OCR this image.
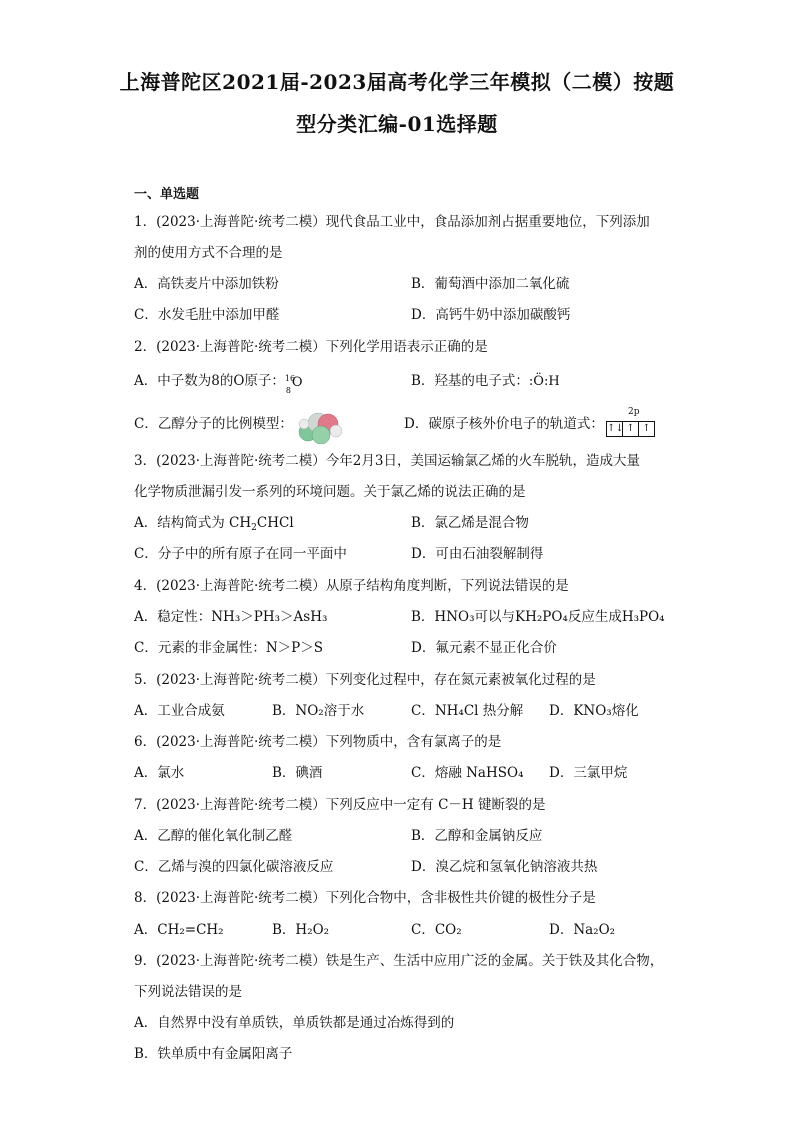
上海普陀区2021届-2023届高考化学三年模拟（二模）按题
型分类汇编-01选择题
一、单选题
1．(2023·上海普陀·统考二模）现代食品工业中，食品添加剂占据重要地位，下列添加
剂的使用方式不合理的是
A．高铁麦片中添加铁粉	B．葡萄酒中添加二氧化硫
C．水发毛肚中添加甲醛	D．高钙牛奶中添加碳酸钙
2．(2023·上海普陀·统考二模）下列化学用语表示正确的是
A．中子数为8的O原子： 16
8
O	B．羟基的电子式：:Ö:H
C．乙醇分子的比例模型：	D．碳原子核外价电子的轨道式：
2p
↑↓ ↑ ↑
3．(2023·上海普陀·统考二模）今年2月3日，美国运输氯乙烯的火车脱轨，造成大量
化学物质泄漏引发一系列的环境问题。关于氯乙烯的说法正确的是
A．结构简式为 $CH_2CHCl$	B．氯乙烯是混合物
C．分子中的所有原子在同一平面中	D．可由石油裂解制得
4．(2023·上海普陀·统考二模）从原子结构角度判断，下列说法错误的是
A．稳定性：NH₃＞PH₃＞AsH₃	B．HNO₃可以与KH₂PO₄反应生成H₃PO₄
C．元素的非金属性：N＞P＞S	D．氟元素不显正化合价
5．(2023·上海普陀·统考二模）下列变化过程中，存在氮元素被氧化过程的是
A．工业合成氨	B．NO₂溶于水	C．NH₄Cl 热分解 D．KNO₃熔化
6．(2023·上海普陀·统考二模）下列物质中，含有氯离子的是
A．氯水	B．碘酒	C．熔融 NaHSO₄ D．三氯甲烷
7．(2023·上海普陀·统考二模）下列反应中一定有 C－H 键断裂的是
A．乙醇的催化氧化制乙醛	B．乙醇和金属钠反应
C．乙烯与溴的四氯化碳溶液反应	D．溴乙烷和氢氧化钠溶液共热
8．(2023·上海普陀·统考二模）下列化合物中，含非极性共价键的极性分子是
A．CH₂=CH₂	B．H₂O₂	C．CO₂	D．Na₂O₂
9．(2023·上海普陀·统考二模）铁是生产、生活中应用广泛的金属。关于铁及其化合物，
下列说法错误的是
A．自然界中没有单质铁，单质铁都是通过冶炼得到的
B．铁单质中有金属阳离子
